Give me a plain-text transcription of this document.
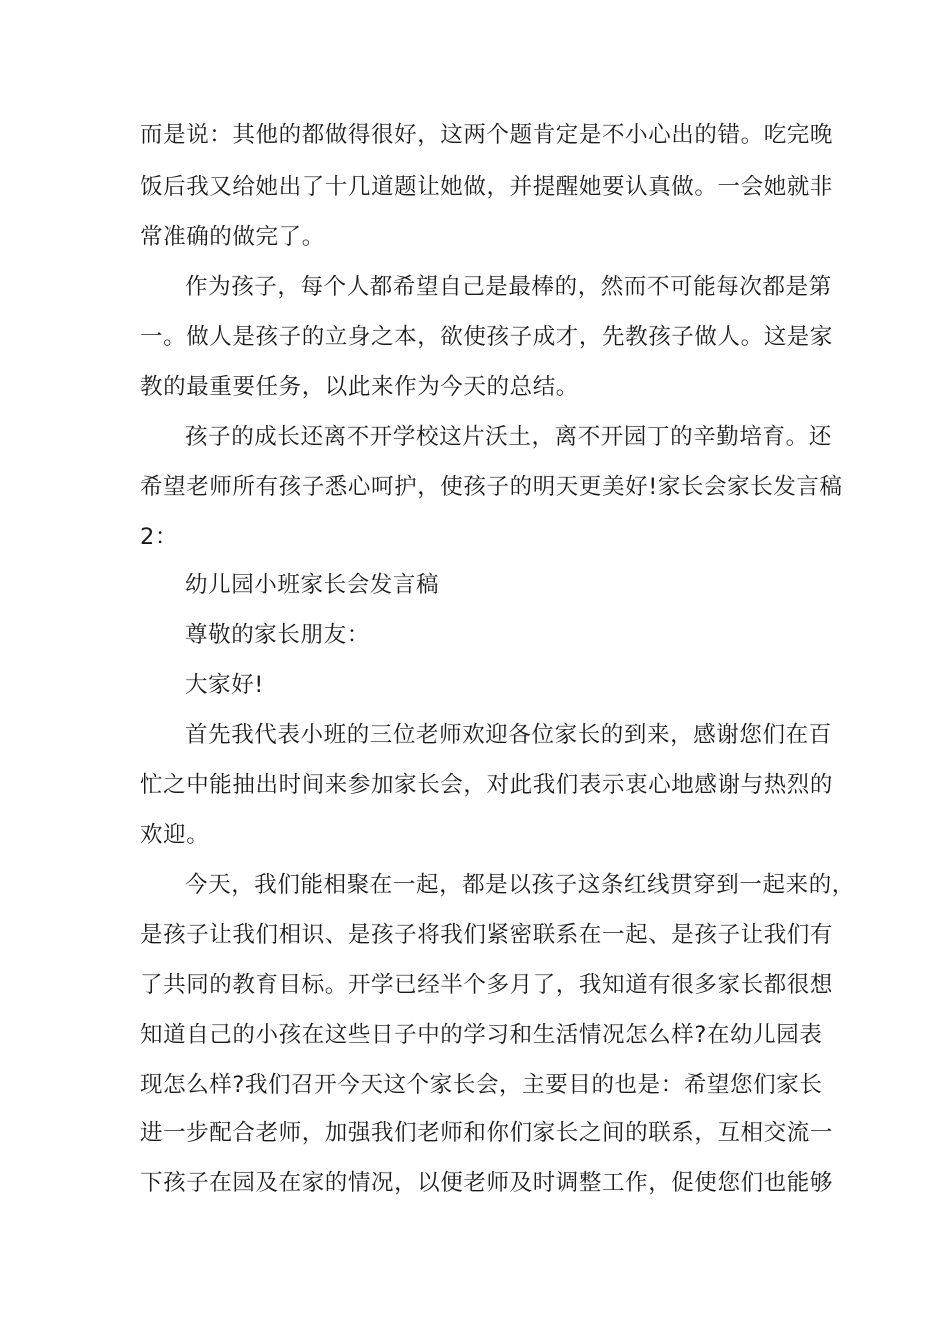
而是说：其他的都做得很好，这两个题肯定是不小心出的错。吃完晚
饭后我又给她出了十几道题让她做，并提醒她要认真做。一会她就非
常准确的做完了。
作为孩子，每个人都希望自己是最棒的，然而不可能每次都是第
一。做人是孩子的立身之本，欲使孩子成才，先教孩子做人。这是家
教的最重要任务，以此来作为今天的总结。
孩子的成长还离不开学校这片沃土，离不开园丁的辛勤培育。还
希望老师所有孩子悉心呵护，使孩子的明天更美好!家长会家长发言稿
2：
幼儿园小班家长会发言稿
尊敬的家长朋友：
大家好!
首先我代表小班的三位老师欢迎各位家长的到来，感谢您们在百
忙之中能抽出时间来参加家长会，对此我们表示衷心地感谢与热烈的
欢迎。
今天，我们能相聚在一起，都是以孩子这条红线贯穿到一起来的，
是孩子让我们相识、是孩子将我们紧密联系在一起、是孩子让我们有
了共同的教育目标。开学已经半个多月了，我知道有很多家长都很想
知道自己的小孩在这些日子中的学习和生活情况怎么样?在幼儿园表
现怎么样?我们召开今天这个家长会，主要目的也是：希望您们家长
进一步配合老师，加强我们老师和你们家长之间的联系，互相交流一
下孩子在园及在家的情况，以便老师及时调整工作，促使您们也能够
